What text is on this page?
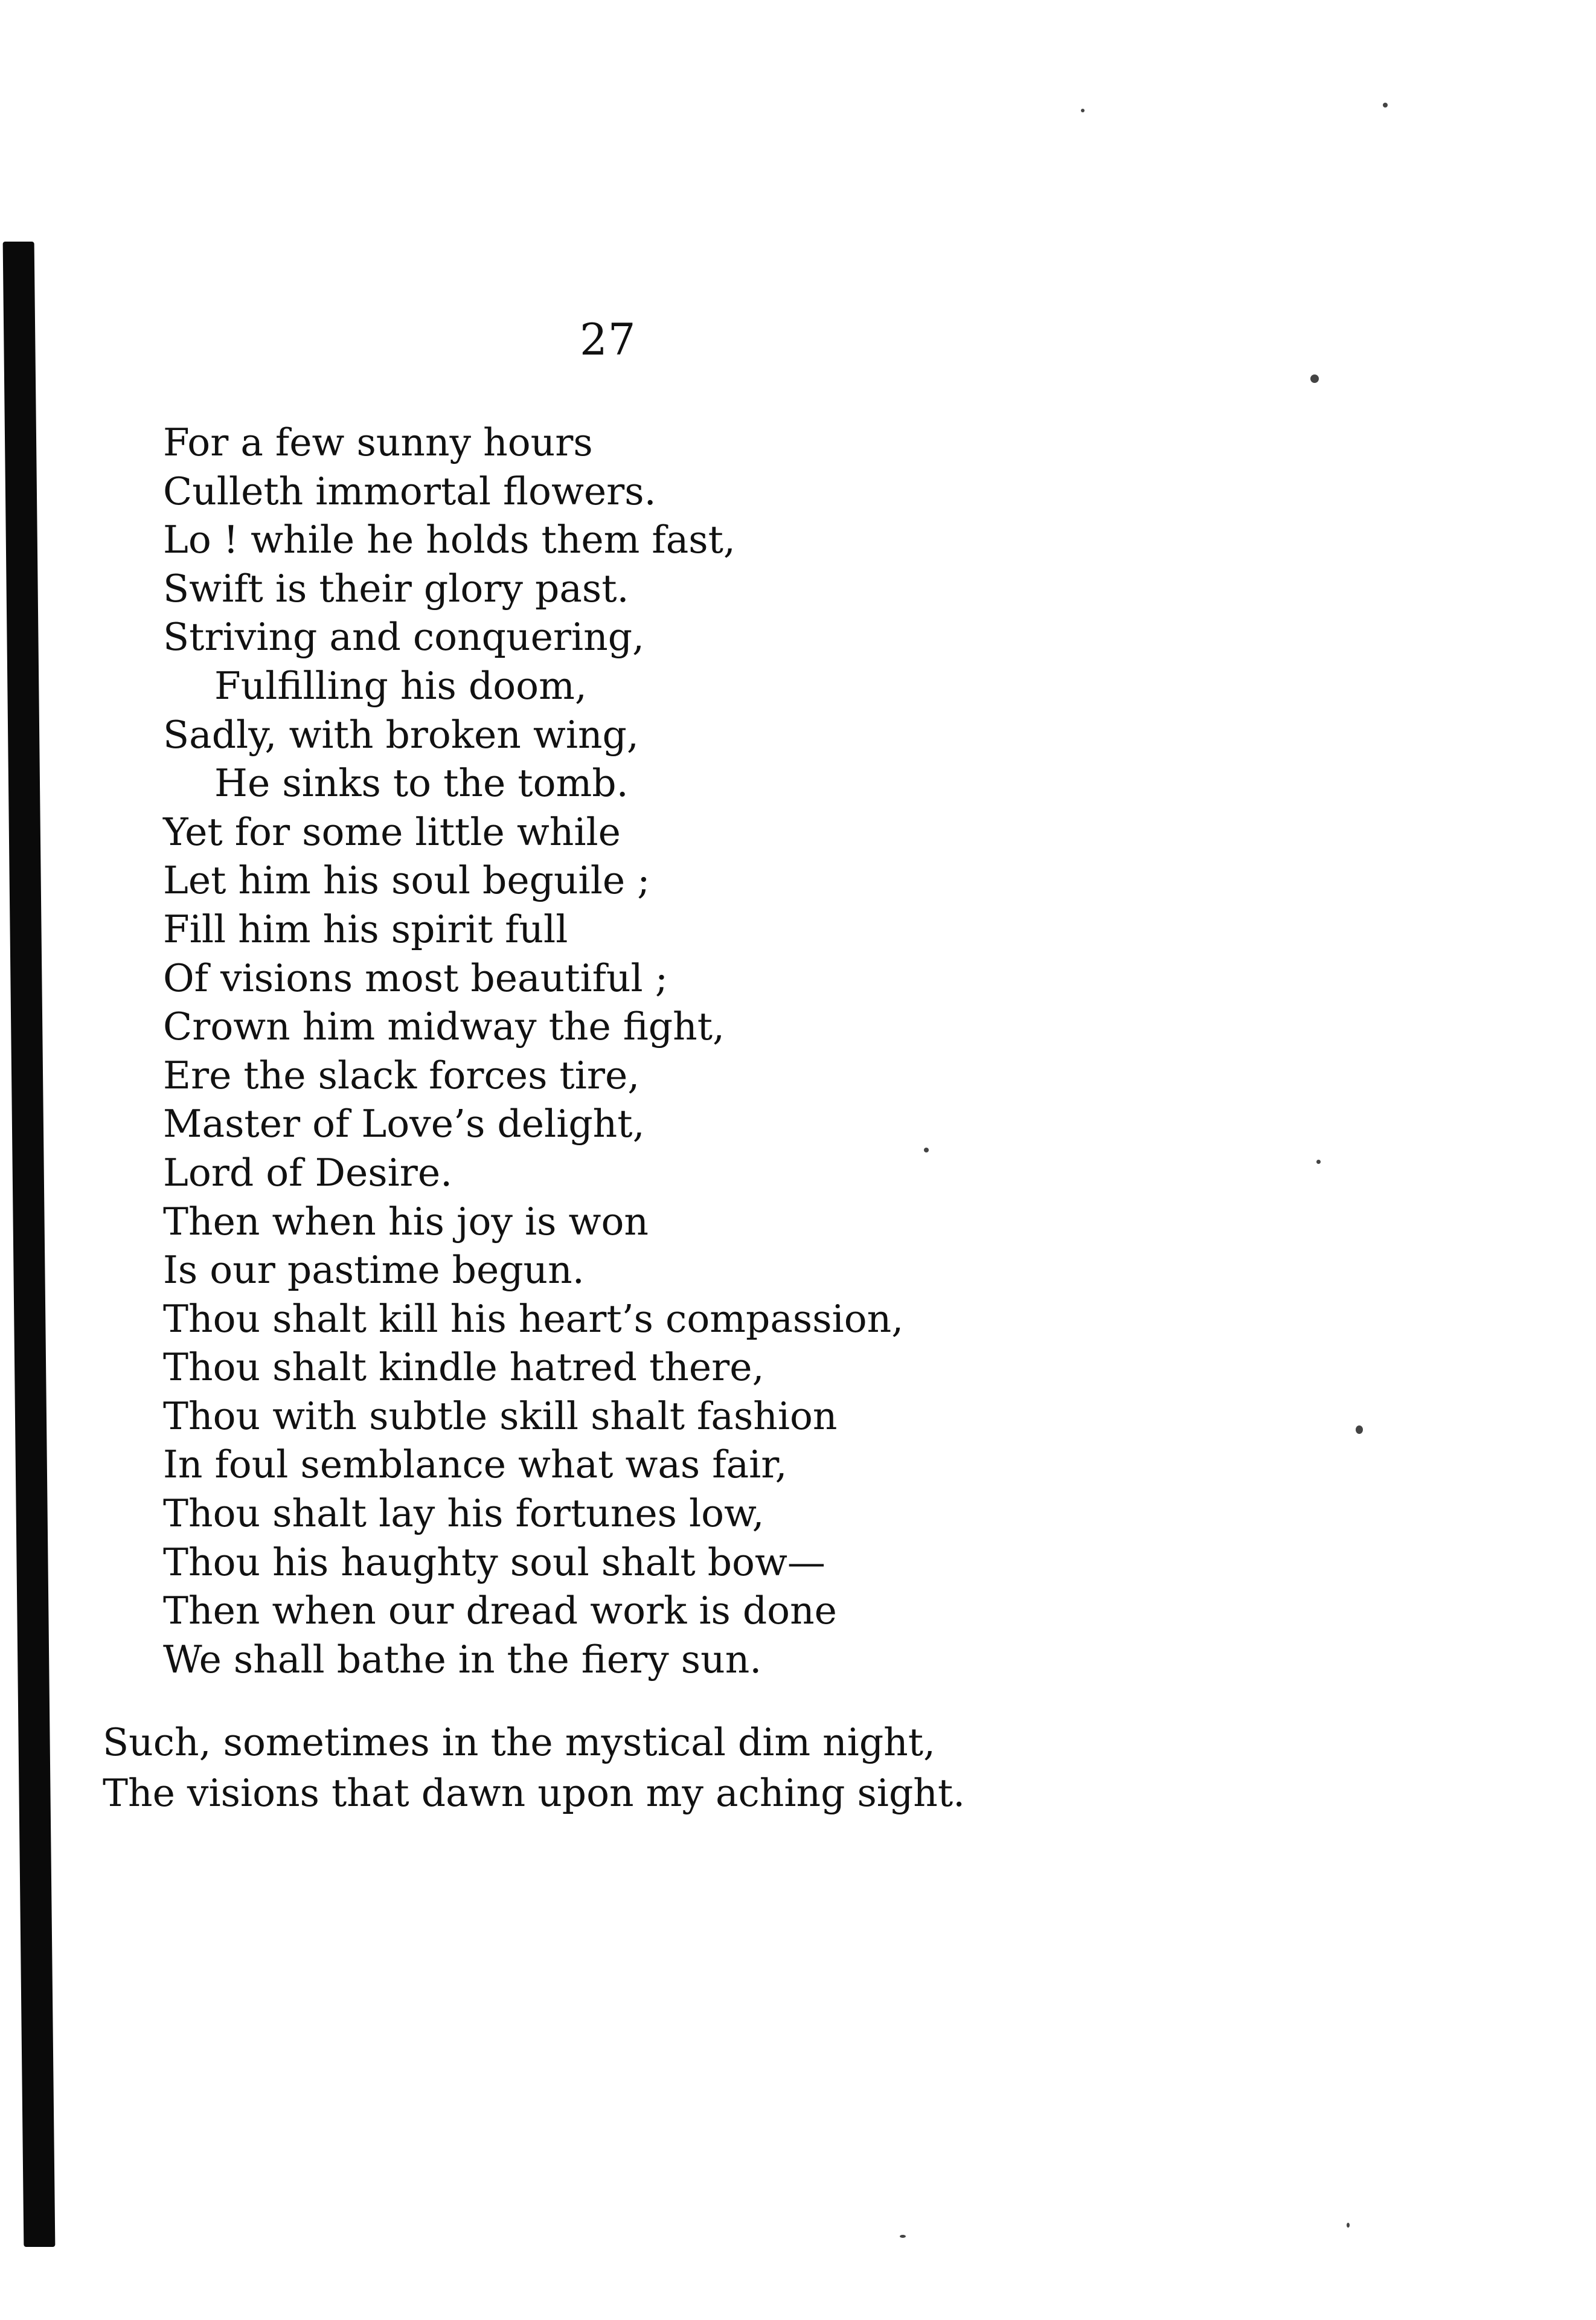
27
For a few sunny hours
Culleth immortal flowers.
Lo ! while he holds them fast,
Swift is their glory past.
Striving and conquering,
Fulfilling his doom,
Sadly, with broken wing,
He sinks to the tomb.
Yet for some little while
Let him his soul beguile ;
Fill him his spirit full
Of visions most beautiful ;
Crown him midway the fight,
Ere the slack forces tire,
Master of Love’s delight,
Lord of Desire.
Then when his joy is won
Is our pastime begun.
Thou shalt kill his heart’s compassion,
Thou shalt kindle hatred there,
Thou with subtle skill shalt fashion
In foul semblance what was fair,
Thou shalt lay his fortunes low,
Thou his haughty soul shalt bow—
Then when our dread work is done
We shall bathe in the fiery sun.
Such, sometimes in the mystical dim night,
The visions that dawn upon my aching sight.
